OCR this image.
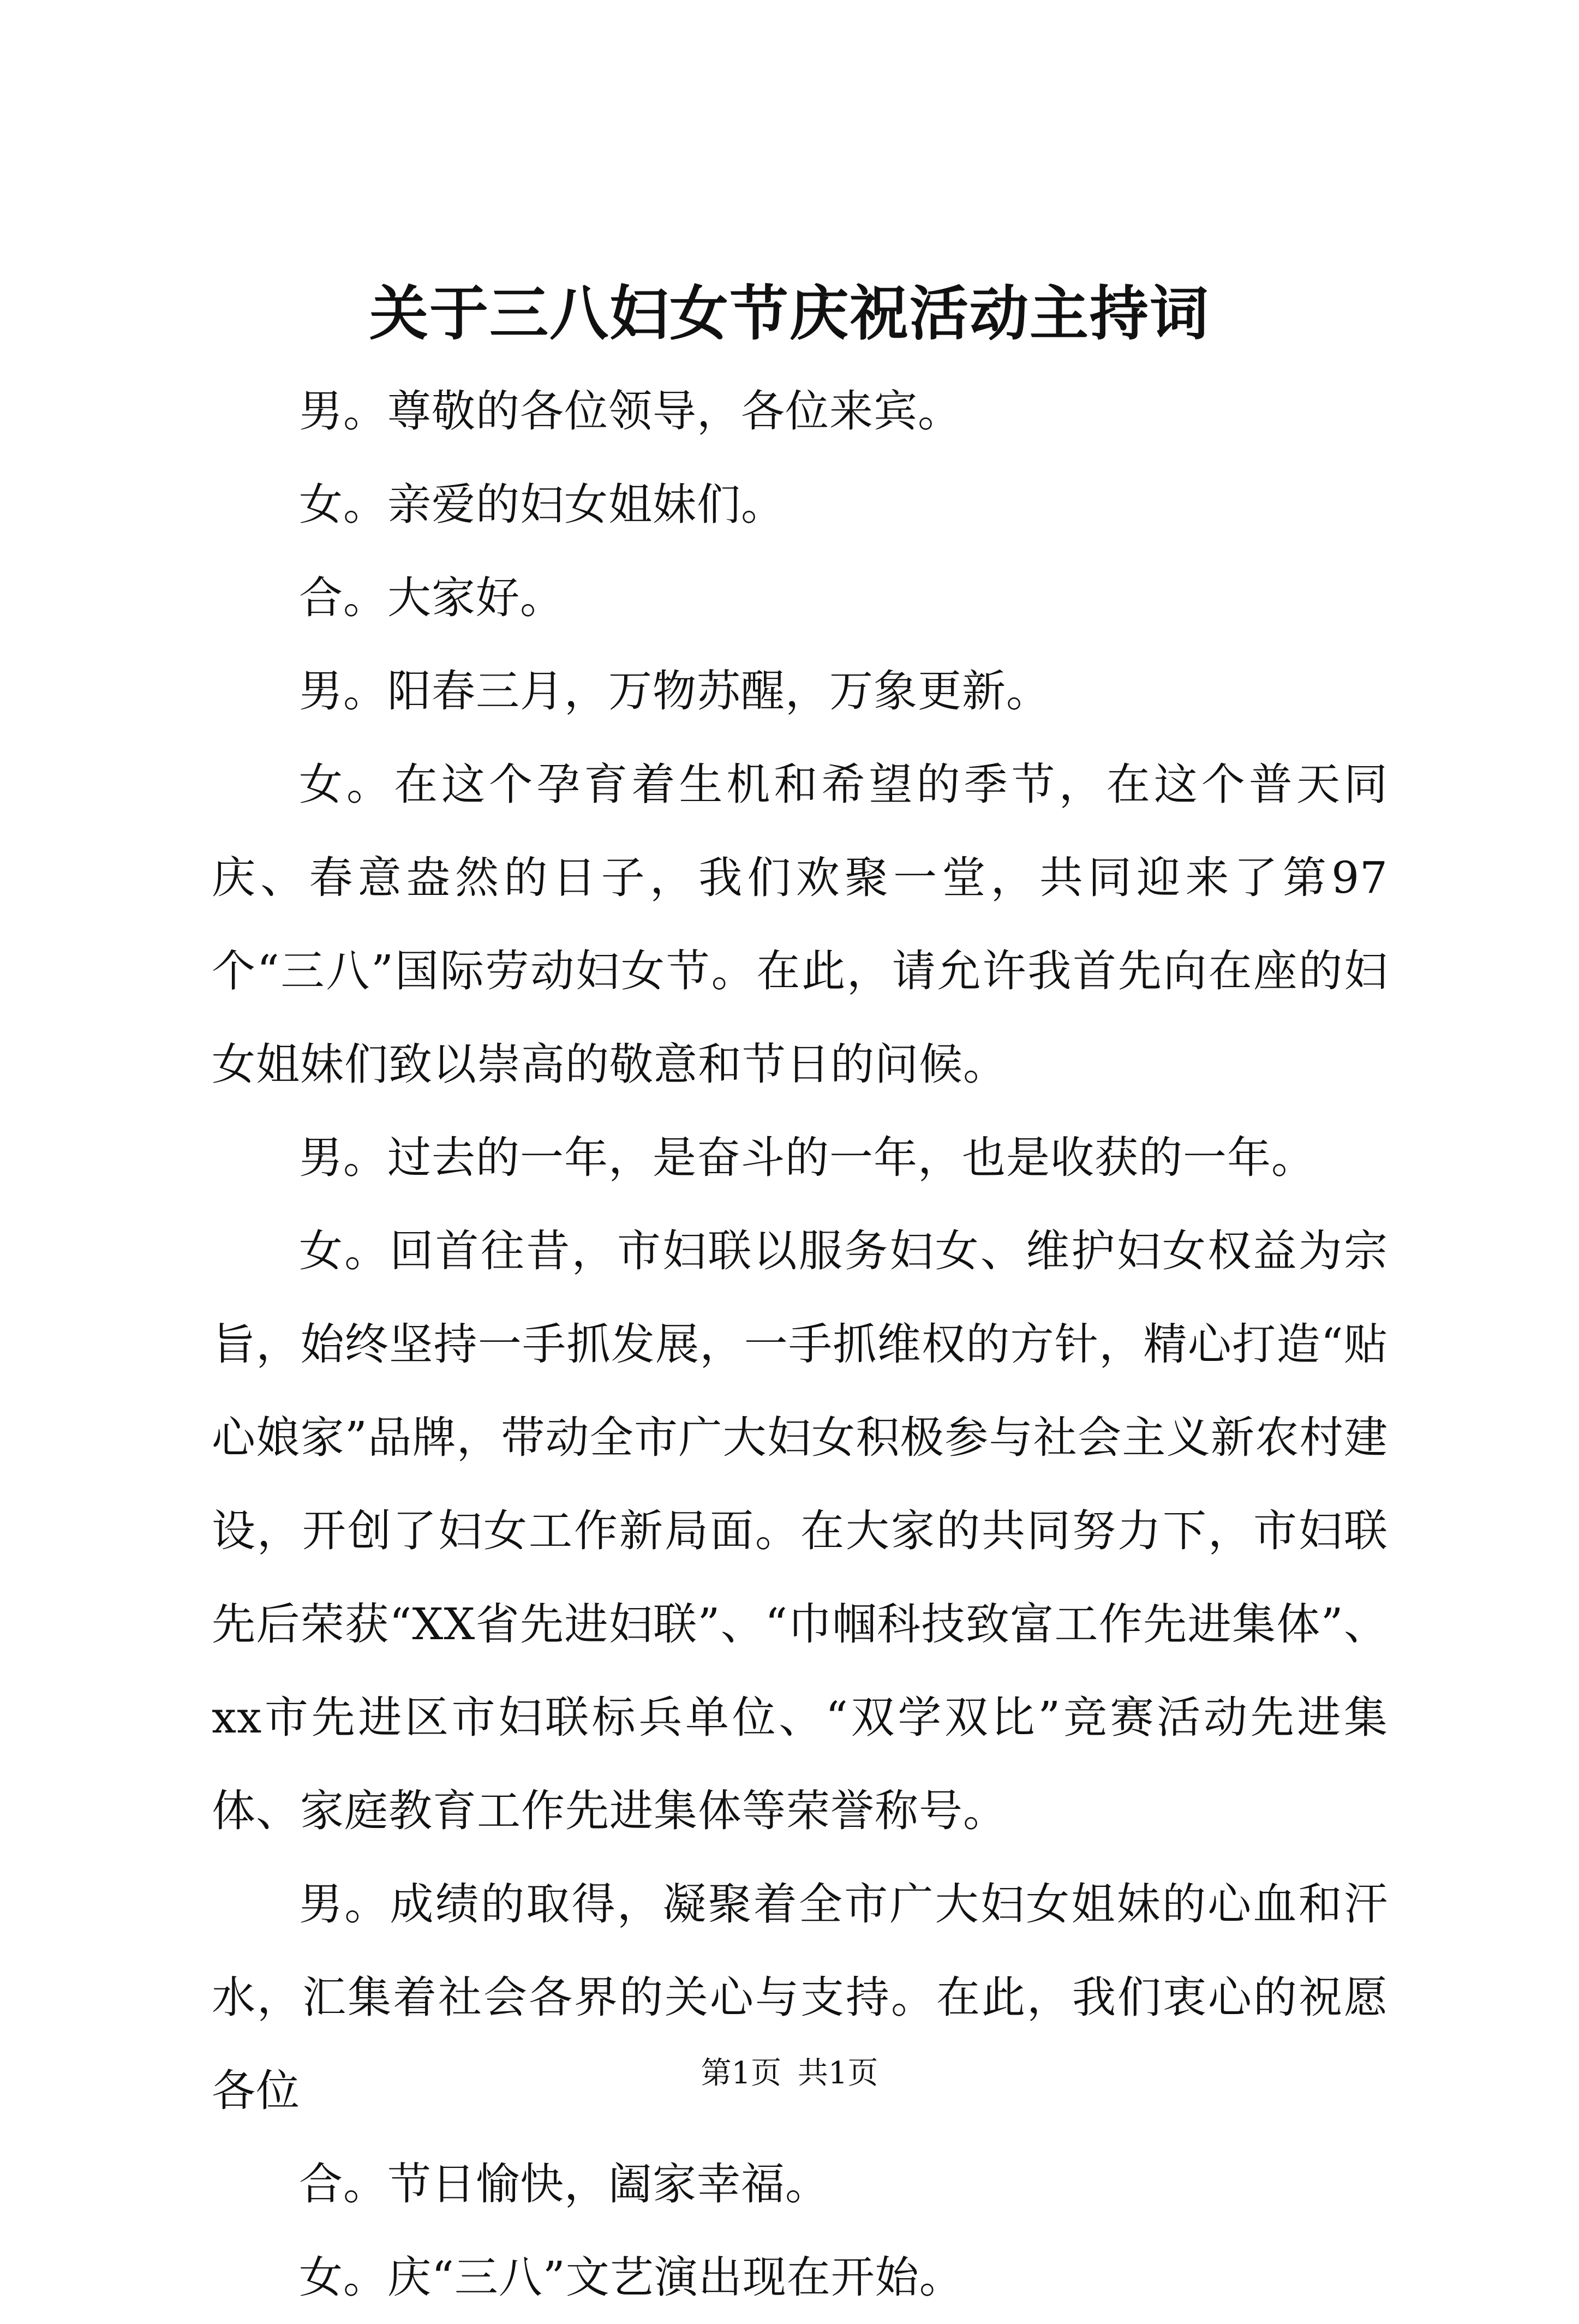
关于三八妇女节庆祝活动主持词

男。尊敬的各位领导，各位来宾。

女。亲爱的妇女姐妹们。

合。大家好。

男。阳春三月，万物苏醒，万象更新。

女。在这个孕育着生机和希望的季节，在这个普天同庆、春意盎然的日子，我们欢聚一堂，共同迎来了第97个“三八”国际劳动妇女节。在此，请允许我首先向在座的妇女姐妹们致以崇高的敬意和节日的问候。

男。过去的一年，是奋斗的一年，也是收获的一年。

女。回首往昔，市妇联以服务妇女、维护妇女权益为宗旨，始终坚持一手抓发展，一手抓维权的方针，精心打造“贴心娘家”品牌，带动全市广大妇女积极参与社会主义新农村建设，开创了妇女工作新局面。在大家的共同努力下，市妇联先后荣获“XX省先进妇联”、“巾帼科技致富工作先进集体”、xx市先进区市妇联标兵单位、“双学双比”竞赛活动先进集体、家庭教育工作先进集体等荣誉称号。

男。成绩的取得，凝聚着全市广大妇女姐妹的心血和汗水，汇集着社会各界的关心与支持。在此，我们衷心的祝愿各位

合。节日愉快，阖家幸福。

女。庆“三八”文艺演出现在开始。

第1页 共1页
